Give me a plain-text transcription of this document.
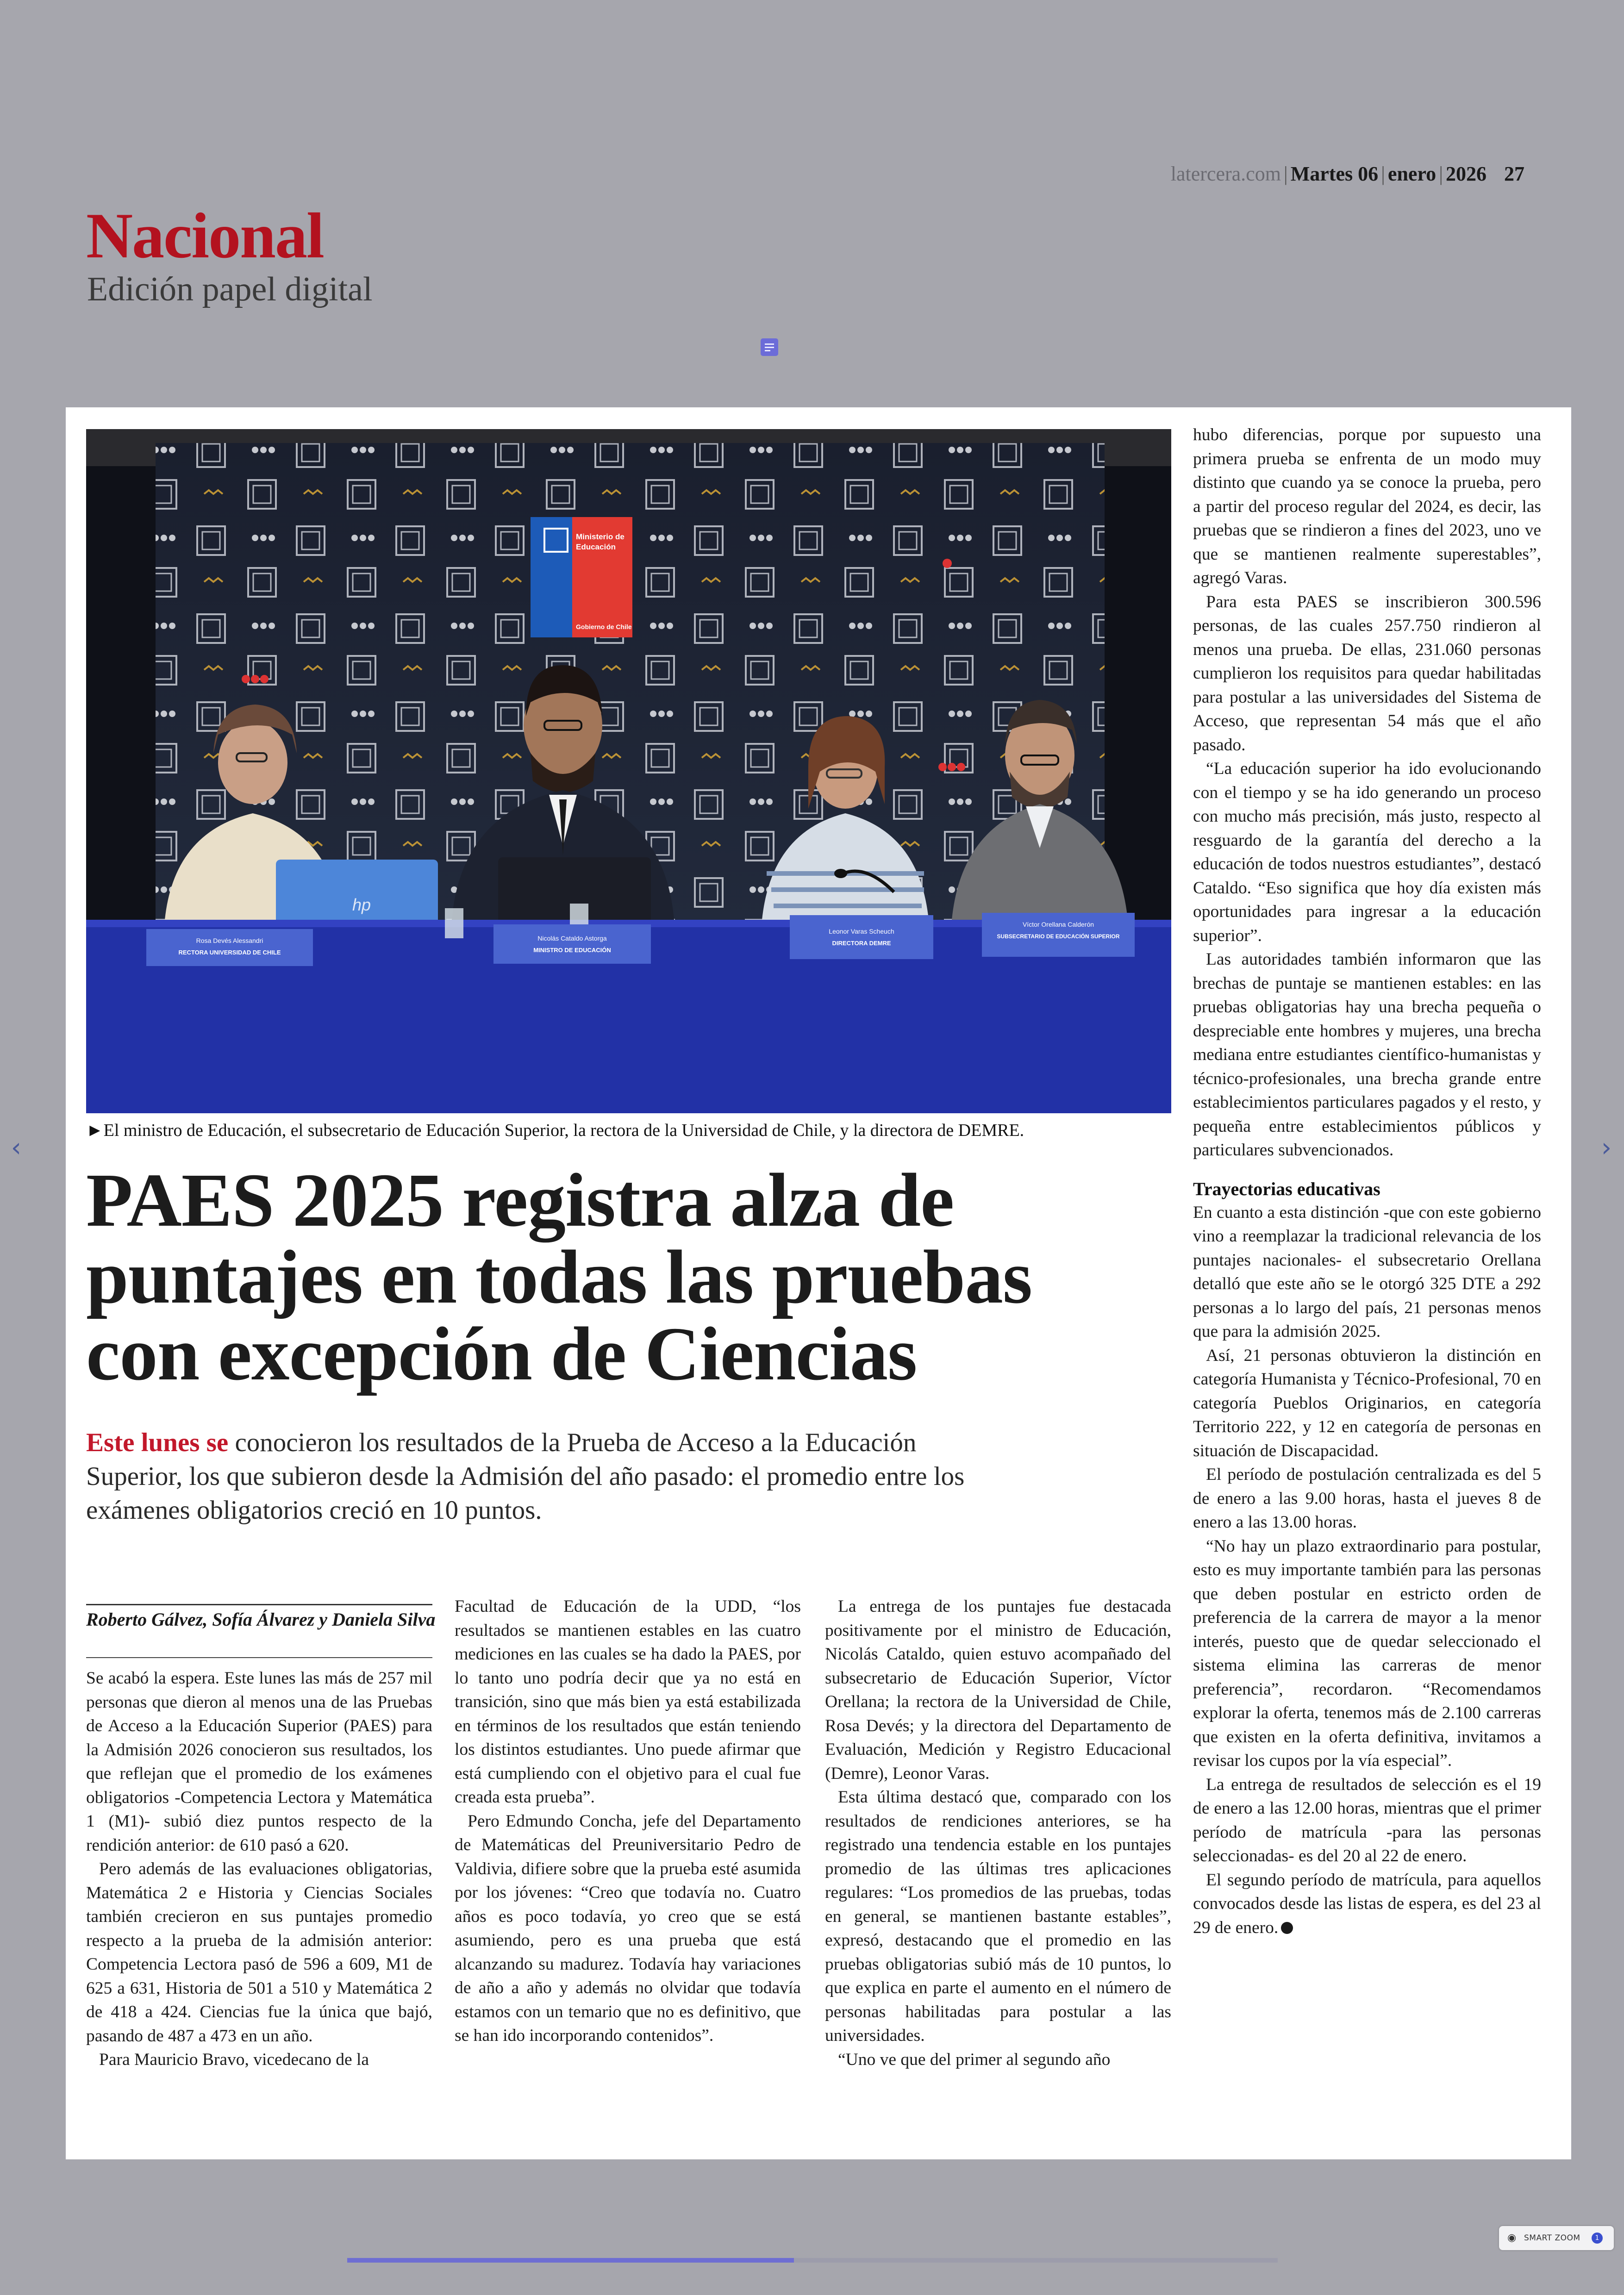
latercera.com | Martes 06 | enero | 2026 27
Nacional
Edición papel digital
Ministerio de
Educación
Gobierno de Chile
hp
Rosa Devés Alessandri
RECTORA UNIVERSIDAD DE CHILE
Nicolás Cataldo Astorga
MINISTRO DE EDUCACIÓN
Leonor Varas Scheuch
DIRECTORA DEMRE
Víctor Orellana Calderón
SUBSECRETARIO DE EDUCACIÓN SUPERIOR
►El ministro de Educación, el subsecretario de Educación Superior, la rectora de la Universidad de Chile, y la directora de DEMRE.
PAES 2025 registra alza de
puntajes en todas las pruebas
con excepción de Ciencias
Este lunes se conocieron los resultados de la Prueba de Acceso a la Educación Superior, los que subieron desde la Admisión del año pasado: el promedio entre los exámenes obligatorios creció en 10 puntos.
Roberto Gálvez, Sofía Álvarez y Daniela Silva

Se acabó la espera. Este lunes las más de 257 mil personas que dieron al menos una de las Pruebas de Acceso a la Educación Superior (PAES) para la Admisión 2026 conocieron sus resultados, los que reflejan que el promedio de los exámenes obligatorios -Competencia Lectora y Matemática 1 (M1)- subió diez puntos respecto de la rendición anterior: de 610 pasó a 620.

Pero además de las evaluaciones obligatorias, Matemática 2 e Historia y Ciencias Sociales también crecieron en sus puntajes promedio respecto a la prueba de la admisión anterior: Competencia Lectora pasó de 596 a 609, M1 de 625 a 631, Historia de 501 a 510 y Matemática 2 de 418 a 424. Ciencias fue la única que bajó, pasando de 487 a 473 en un año.

Para Mauricio Bravo, vicedecano de la

Facultad de Educación de la UDD, “los resultados se mantienen estables en las cuatro mediciones en las cuales se ha dado la PAES, por lo tanto uno podría decir que ya no está en transición, sino que más bien ya está estabilizada en términos de los resultados que están teniendo los distintos estudiantes. Uno puede afirmar que está cumpliendo con el objetivo para el cual fue creada esta prueba”.

Pero Edmundo Concha, jefe del Departamento de Matemáticas del Preuniversitario Pedro de Valdivia, difiere sobre que la prueba esté asumida por los jóvenes: “Creo que todavía no. Cuatro años es poco todavía, yo creo que se está asumiendo, pero es una prueba que está alcanzando su madurez. Todavía hay variaciones de año a año y además no olvidar que todavía estamos con un temario que no es definitivo, que se han ido incorporando contenidos”.

La entrega de los puntajes fue destacada positivamente por el ministro de Educación, Nicolás Cataldo, quien estuvo acompañado del subsecretario de Educación Superior, Víctor Orellana; la rectora de la Universidad de Chile, Rosa Devés; y la directora del Departamento de Evaluación, Medición y Registro Educacional (Demre), Leonor Varas.

Esta última destacó que, comparado con los resultados de rendiciones anteriores, se ha registrado una tendencia estable en los puntajes promedio de las últimas tres aplicaciones regulares: “Los promedios de las pruebas, todas en general, se mantienen bastante estables”, expresó, destacando que el promedio en las pruebas obligatorias subió más de 10 puntos, lo que explica en parte el aumento en el número de personas habilitadas para postular a las universidades.

“Uno ve que del primer al segundo año

hubo diferencias, porque por supuesto una primera prueba se enfrenta de un modo muy distinto que cuando ya se conoce la prueba, pero a partir del proceso regular del 2024, es decir, las pruebas que se rindieron a fines del 2023, uno ve que se mantienen realmente superestables”, agregó Varas.

Para esta PAES se inscribieron 300.596 personas, de las cuales 257.750 rindieron al menos una prueba. De ellas, 231.060 personas cumplieron los requisitos para quedar habilitadas para postular a las universidades del Sistema de Acceso, que representan 54 más que el año pasado.

“La educación superior ha ido evolucionando con el tiempo y se ha ido generando un proceso con mucho más precisión, más justo, respecto al resguardo de la garantía del derecho a la educación de todos nuestros estudiantes”, destacó Cataldo. “Eso significa que hoy día existen más oportunidades para ingresar a la educación superior”.

Las autoridades también informaron que las brechas de puntaje se mantienen estables: en las pruebas obligatorias hay una brecha pequeña o despreciable ente hombres y mujeres, una brecha mediana entre estudiantes científico-humanistas y técnico-profesionales, una brecha grande entre establecimientos particulares pagados y el resto, y pequeña entre establecimientos públicos y particulares subvencionados.

Trayectorias educativas

En cuanto a esta distinción -que con este gobierno vino a reemplazar la tradicional relevancia de los puntajes nacionales- el subsecretario Orellana detalló que este año se le otorgó 325 DTE a 292 personas a lo largo del país, 21 personas menos que para la admisión 2025.

Así, 21 personas obtuvieron la distinción en categoría Humanista y Técnico-Profesional, 70 en categoría Pueblos Originarios, en categoría Territorio 222, y 12 en categoría de personas en situación de Discapacidad.

El período de postulación centralizada es del 5 de enero a las 9.00 horas, hasta el jueves 8 de enero a las 13.00 horas.

“No hay un plazo extraordinario para postular, esto es muy importante también para las personas que deben postular en estricto orden de preferencia de la carrera de mayor a la menor interés, puesto que de quedar seleccionado el sistema elimina las carreras de menor preferencia”, recordaron. “Recomendamos explorar la oferta, tenemos más de 2.100 carreras que existen en la oferta definitiva, invitamos a revisar los cupos por la vía especial”.

La entrega de resultados de selección es el 19 de enero a las 12.00 horas, mientras que el primer período de matrícula -para las personas seleccionadas- es del 20 al 22 de enero.

El segundo período de matrícula, para aquellos convocados desde las listas de espera, es del 23 al 29 de enero.

‹	›
◉ SMART ZOOM	1
